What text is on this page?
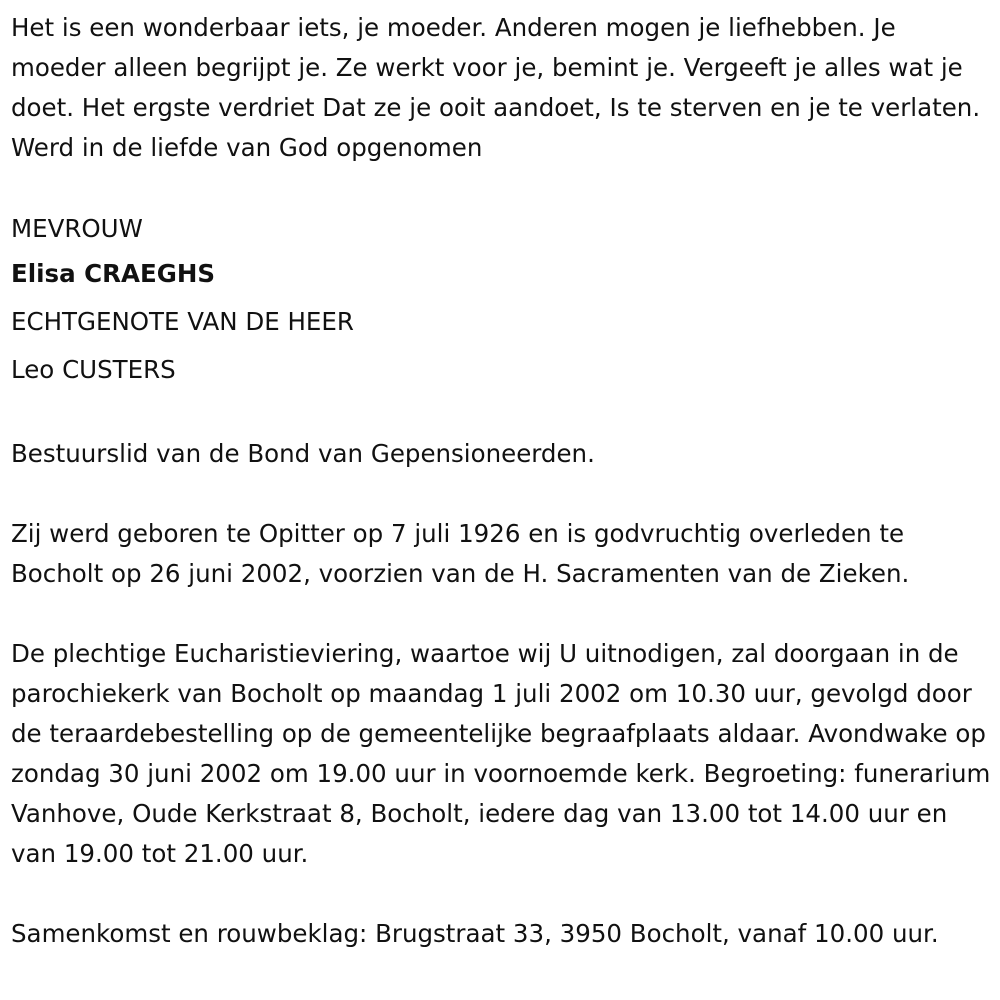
Het is een wonderbaar iets, je moeder. Anderen mogen je liefhebben. Je moeder alleen begrijpt je. Ze werkt voor je, bemint je. Vergeeft je alles wat je doet. Het ergste verdriet Dat ze je ooit aandoet, Is te sterven en je te verlaten. Werd in de liefde van God opgenomen

MEVROUW

Elisa CRAEGHS

ECHTGENOTE VAN DE HEER

Leo CUSTERS

Bestuurslid van de Bond van Gepensioneerden.

Zij werd geboren te Opitter op 7 juli 1926 en is godvruchtig overleden te Bocholt op 26 juni 2002, voorzien van de H. Sacramenten van de Zieken.

De plechtige Eucharistieviering, waartoe wij U uitnodigen, zal doorgaan in de parochiekerk van Bocholt op maandag 1 juli 2002 om 10.30 uur, gevolgd door de teraardebestelling op de gemeentelijke begraafplaats aldaar. Avondwake op zondag 30 juni 2002 om 19.00 uur in voornoemde kerk. Begroeting: funerarium Vanhove, Oude Kerkstraat 8, Bocholt, iedere dag van 13.00 tot 14.00 uur en van 19.00 tot 21.00 uur.

Samenkomst en rouwbeklag: Brugstraat 33, 3950 Bocholt, vanaf 10.00 uur.
